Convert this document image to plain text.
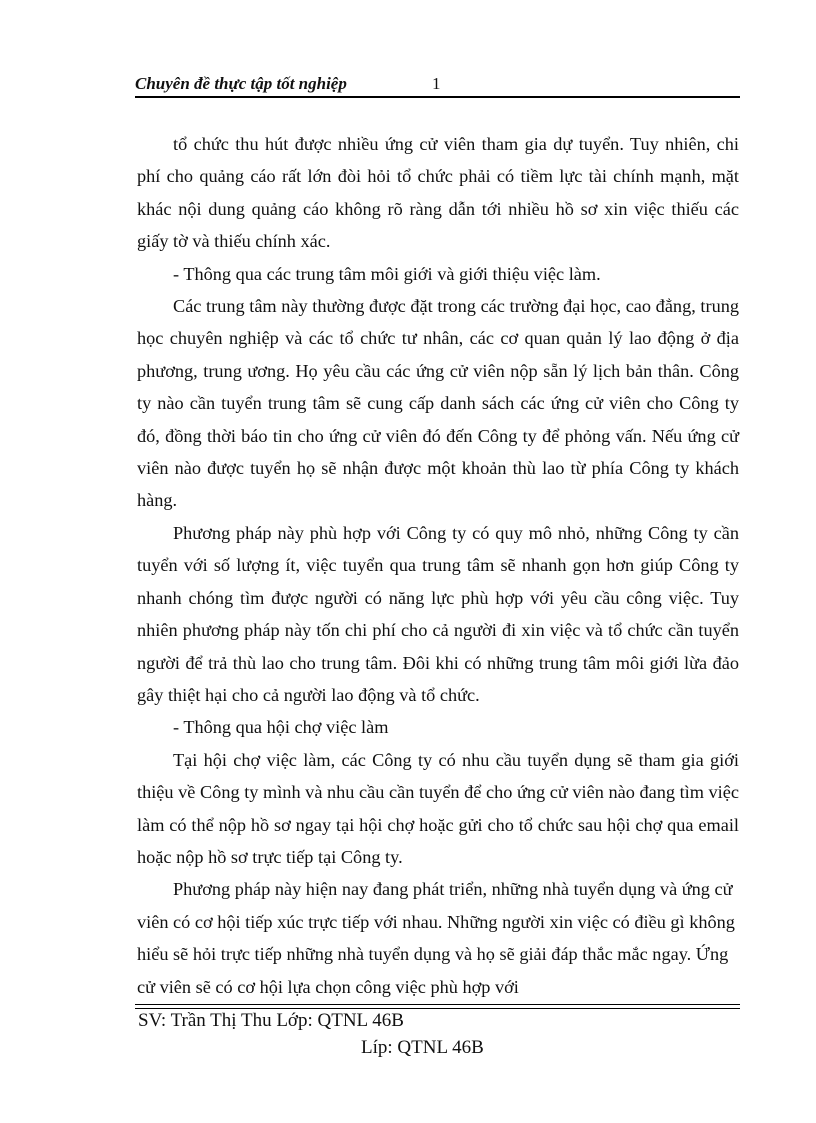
Chuyên đề thực tập tốt nghiệp	1

tổ chức thu hút được nhiều ứng cử viên tham gia dự tuyển. Tuy nhiên, chi phí cho quảng cáo rất lớn đòi hỏi tổ chức phải có tiềm lực tài chính mạnh, mặt khác nội dung quảng cáo không rõ ràng dẫn tới nhiều hồ sơ xin việc thiếu các giấy tờ và thiếu chính xác.

- Thông qua các trung tâm môi giới và giới thiệu việc làm.

Các trung tâm này thường được đặt trong các trường đại học, cao đẳng, trung học chuyên nghiệp và các tổ chức tư nhân, các cơ quan quản lý lao động ở địa phương, trung ương. Họ yêu cầu các ứng cử viên nộp sẵn lý lịch bản thân. Công ty nào cần tuyển trung tâm sẽ cung cấp danh sách các ứng cử viên cho Công ty đó, đồng thời báo tin cho ứng cử viên đó đến Công ty để phỏng vấn. Nếu ứng cử viên nào được tuyển họ sẽ nhận được một khoản thù lao từ phía Công ty khách hàng.

Phương pháp này phù hợp với Công ty có quy mô nhỏ, những Công ty cần tuyển với số lượng ít, việc tuyển qua trung tâm sẽ nhanh gọn hơn giúp Công ty nhanh chóng tìm được người có năng lực phù hợp với yêu cầu công việc. Tuy nhiên phương pháp này tốn chi phí cho cả người đi xin việc và tổ chức cần tuyển người để trả thù lao cho trung tâm. Đôi khi có những trung tâm môi giới lừa đảo gây thiệt hại cho cả người lao động và tổ chức.

- Thông qua hội chợ việc làm

Tại hội chợ việc làm, các Công ty có nhu cầu tuyển dụng sẽ tham gia giới thiệu về Công ty mình và nhu cầu cần tuyển để cho ứng cử viên nào đang tìm việc làm có thể nộp hồ sơ ngay tại hội chợ hoặc gửi cho tổ chức sau hội chợ qua email hoặc nộp hồ sơ trực tiếp tại Công ty.

Phương pháp này hiện nay đang phát triển, những nhà tuyển dụng và ứng cử viên có cơ hội tiếp xúc trực tiếp với nhau. Những người xin việc có điều gì không hiểu sẽ hỏi trực tiếp những nhà tuyển dụng và họ sẽ giải đáp thắc mắc ngay. Ứng cử viên sẽ có cơ hội lựa chọn công việc phù hợp với

SV: Trần Thị Thu Lớp: QTNL 46B
Líp: QTNL 46B
